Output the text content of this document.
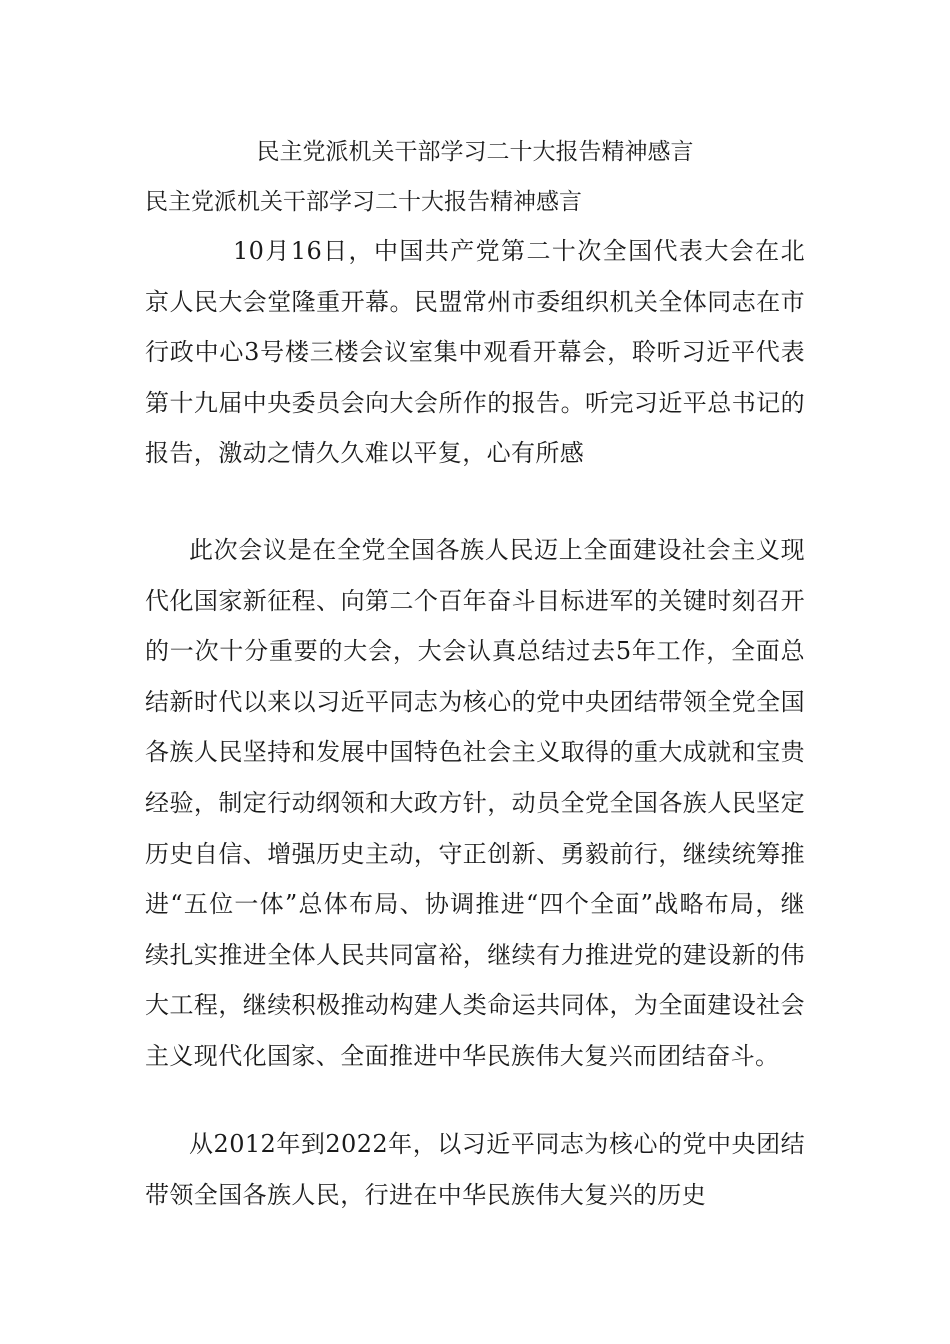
民主党派机关干部学习二十大报告精神感言
民主党派机关干部学习二十大报告精神感言

10月16日，中国共产党第二十次全国代表大会在北京人民大会堂隆重开幕。民盟常州市委组织机关全体同志在市行政中心3号楼三楼会议室集中观看开幕会，聆听习近平代表第十九届中央委员会向大会所作的报告。听完习近平总书记的报告，激动之情久久难以平复，心有所感

此次会议是在全党全国各族人民迈上全面建设社会主义现代化国家新征程、向第二个百年奋斗目标进军的关键时刻召开的一次十分重要的大会，大会认真总结过去5年工作，全面总结新时代以来以习近平同志为核心的党中央团结带领全党全国各族人民坚持和发展中国特色社会主义取得的重大成就和宝贵经验，制定行动纲领和大政方针，动员全党全国各族人民坚定历史自信、增强历史主动，守正创新、勇毅前行，继续统筹推进“五位一体”总体布局、协调推进“四个全面”战略布局，继续扎实推进全体人民共同富裕，继续有力推进党的建设新的伟大工程，继续积极推动构建人类命运共同体，为全面建设社会主义现代化国家、全面推进中华民族伟大复兴而团结奋斗。

从2012年到2022年，以习近平同志为核心的党中央团结带领全国各族人民，行进在中华民族伟大复兴的历史
